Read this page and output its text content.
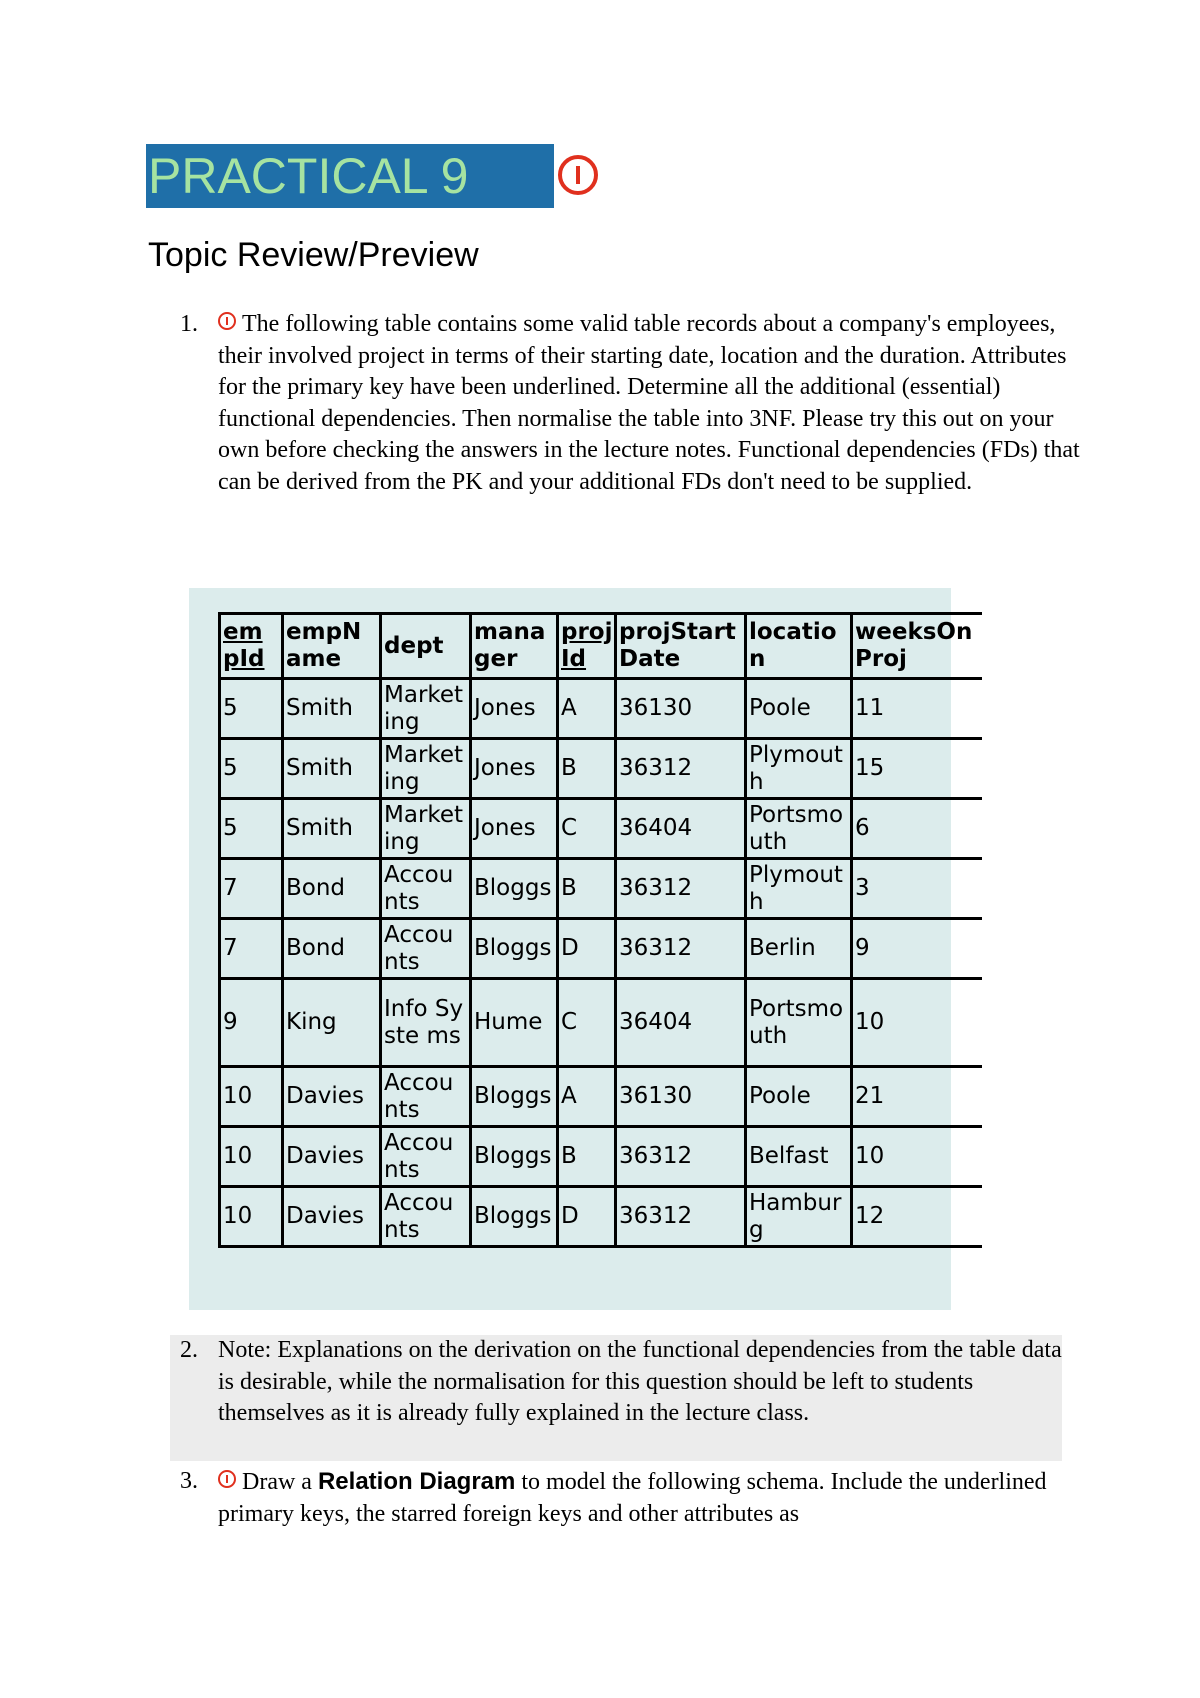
PRACTICAL 9
Topic Review/Preview
1.	The following table contains some valid table records about a company's employees, their involved project in terms of their starting date, location and the duration. Attributes for the primary key have been underlined. Determine all the additional (essential) functional dependencies. Then normalise the table into 3NF. Please try this out on your own before checking the answers in the lecture notes. Functional dependencies (FDs) that can be derived from the PK and your additional FDs don't need to be supplied.
em pId	empN ame	dept	mana ger	proj Id	projStart Date	locatio n	weeksOn Proj
5	Smith	Market ing	Jones	A	36130	Poole	11
5	Smith	Market ing	Jones	B	36312	Plymout h	15
5	Smith	Market ing	Jones	C	36404	Portsmo uth	6
7	Bond	Accou nts	Bloggs	B	36312	Plymout h	3
7	Bond	Accou nts	Bloggs	D	36312	Berlin	9
9	King	Info Syste ms	Hume	C	36404	Portsmo uth	10
10	Davies	Accou nts	Bloggs	A	36130	Poole	21
10	Davies	Accou nts	Bloggs	B	36312	Belfast	10
10	Davies	Accou nts	Bloggs	D	36312	Hambur g	12
2. Note: Explanations on the derivation on the functional dependencies from the table data is desirable, while the normalisation for this question should be left to students themselves as it is already fully explained in the lecture class.
3.	Draw a Relation Diagram to model the following schema. Include the underlined primary keys, the starred foreign keys and other attributes as
